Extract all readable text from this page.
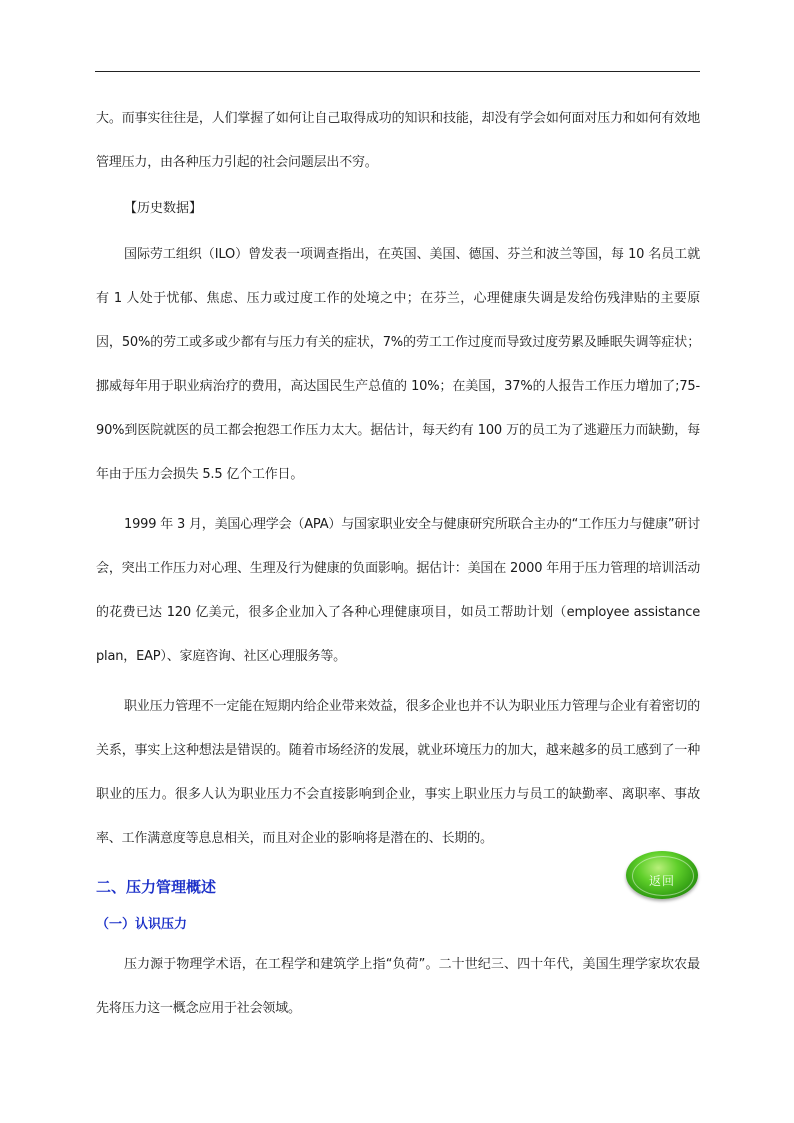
大。而事实往往是，人们掌握了如何让自己取得成功的知识和技能，却没有学会如何面对压力和如何有效地管理压力，由各种压力引起的社会问题层出不穷。

【历史数据】

国际劳工组织（ILO）曾发表一项调查指出，在英国、美国、德国、芬兰和波兰等国，每 10 名员工就有 1 人处于忧郁、焦虑、压力或过度工作的处境之中；在芬兰，心理健康失调是发给伤残津贴的主要原因，50%的劳工或多或少都有与压力有关的症状，7%的劳工工作过度而导致过度劳累及睡眠失调等症状；挪威每年用于职业病治疗的费用，高达国民生产总值的 10%；在美国，37%的人报告工作压力增加了;75-90%到医院就医的员工都会抱怨工作压力太大。据估计，每天约有 100 万的员工为了逃避压力而缺勤，每年由于压力会损失 5.5 亿个工作日。

1999 年 3 月，美国心理学会（APA）与国家职业安全与健康研究所联合主办的“工作压力与健康”研讨会，突出工作压力对心理、生理及行为健康的负面影响。据估计：美国在 2000 年用于压力管理的培训活动的花费已达 120 亿美元，很多企业加入了各种心理健康项目，如员工帮助计划（employee assistance plan，EAP）、家庭咨询、社区心理服务等。

职业压力管理不一定能在短期内给企业带来效益，很多企业也并不认为职业压力管理与企业有着密切的关系，事实上这种想法是错误的。随着市场经济的发展，就业环境压力的加大，越来越多的员工感到了一种职业的压力。很多人认为职业压力不会直接影响到企业，事实上职业压力与员工的缺勤率、离职率、事故率、工作满意度等息息相关，而且对企业的影响将是潜在的、长期的。

二、压力管理概述
（一）认识压力

压力源于物理学术语，在工程学和建筑学上指“负荷”。二十世纪三、四十年代，美国生理学家坎农最先将压力这一概念应用于社会领域。

返回
